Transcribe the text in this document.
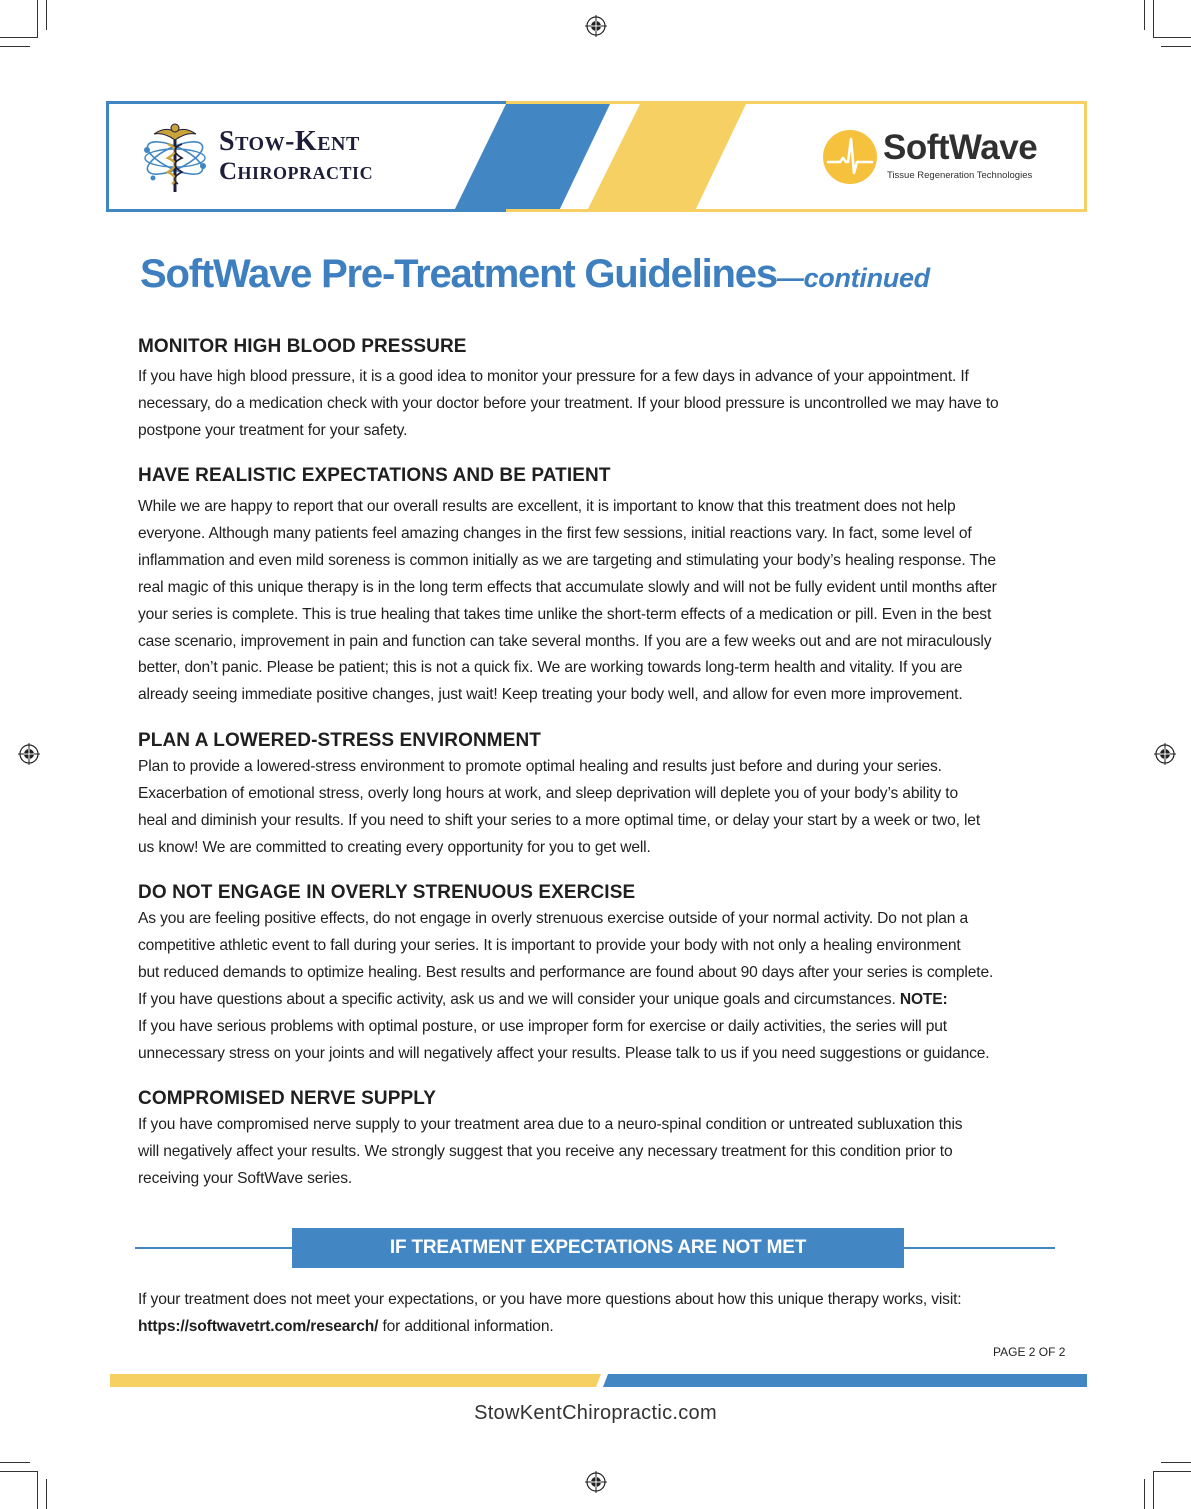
Stow-Kent
Chiropractic
SoftWave
Tissue Regeneration Technologies
SoftWave Pre-Treatment Guidelines—continued
MONITOR HIGH BLOOD PRESSURE
If you have high blood pressure, it is a good idea to monitor your pressure for a few days in advance of your appointment. If
necessary, do a medication check with your doctor before your treatment. If your blood pressure is uncontrolled we may have to
postpone your treatment for your safety.
HAVE REALISTIC EXPECTATIONS AND BE PATIENT
While we are happy to report that our overall results are excellent, it is important to know that this treatment does not help
everyone. Although many patients feel amazing changes in the first few sessions, initial reactions vary. In fact, some level of
inflammation and even mild soreness is common initially as we are targeting and stimulating your body’s healing response. The
real magic of this unique therapy is in the long term effects that accumulate slowly and will not be fully evident until months after
your series is complete. This is true healing that takes time unlike the short-term effects of a medication or pill. Even in the best
case scenario, improvement in pain and function can take several months. If you are a few weeks out and are not miraculously
better, don’t panic. Please be patient; this is not a quick fix. We are working towards long-term health and vitality. If you are
already seeing immediate positive changes, just wait! Keep treating your body well, and allow for even more improvement.
PLAN A LOWERED-STRESS ENVIRONMENT
Plan to provide a lowered-stress environment to promote optimal healing and results just before and during your series.
Exacerbation of emotional stress, overly long hours at work, and sleep deprivation will deplete you of your body’s ability to
heal and diminish your results. If you need to shift your series to a more optimal time, or delay your start by a week or two, let
us know! We are committed to creating every opportunity for you to get well.
DO NOT ENGAGE IN OVERLY STRENUOUS EXERCISE
As you are feeling positive effects, do not engage in overly strenuous exercise outside of your normal activity. Do not plan a
competitive athletic event to fall during your series. It is important to provide your body with not only a healing environment
but reduced demands to optimize healing. Best results and performance are found about 90 days after your series is complete.
If you have questions about a specific activity, ask us and we will consider your unique goals and circumstances. NOTE:
If you have serious problems with optimal posture, or use improper form for exercise or daily activities, the series will put
unnecessary stress on your joints and will negatively affect your results. Please talk to us if you need suggestions or guidance.
COMPROMISED NERVE SUPPLY
If you have compromised nerve supply to your treatment area due to a neuro-spinal condition or untreated subluxation this
will negatively affect your results. We strongly suggest that you receive any necessary treatment for this condition prior to
receiving your SoftWave series.
IF TREATMENT EXPECTATIONS ARE NOT MET
If your treatment does not meet your expectations, or you have more questions about how this unique therapy works, visit:
https://softwavetrt.com/research/ for additional information.
PAGE 2 OF 2
StowKentChiropractic.com
